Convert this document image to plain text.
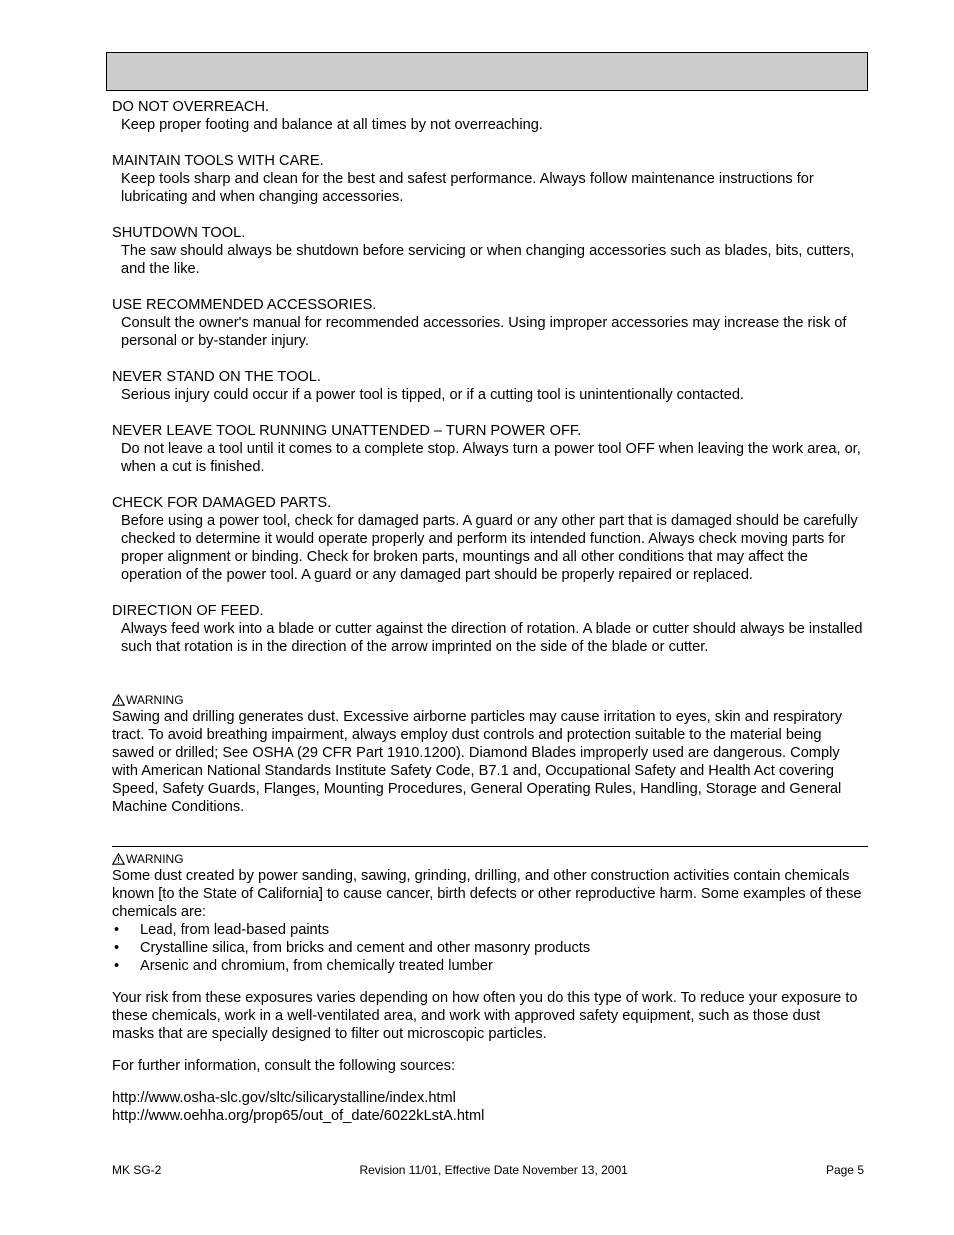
DO NOT OVERREACH.
Keep proper footing and balance at all times by not overreaching.
MAINTAIN TOOLS WITH CARE.
Keep tools sharp and clean for the best and safest performance. Always follow maintenance instructions for lubricating and when changing accessories.
SHUTDOWN TOOL.
The saw should always be shutdown before servicing or when changing accessories such as blades, bits, cutters, and the like.
USE RECOMMENDED ACCESSORIES.
Consult the owner's manual for recommended accessories. Using improper accessories may increase the risk of personal or by-stander injury.
NEVER STAND ON THE TOOL.
Serious injury could occur if a power tool is tipped, or if a cutting tool is unintentionally contacted.
NEVER LEAVE TOOL RUNNING UNATTENDED – TURN POWER OFF.
Do not leave a tool until it comes to a complete stop. Always turn a power tool OFF when leaving the work area, or, when a cut is finished.
CHECK FOR DAMAGED PARTS.
Before using a power tool, check for damaged parts. A guard or any other part that is damaged should be carefully checked to determine it would operate properly and perform its intended function. Always check moving parts for proper alignment or binding. Check for broken parts, mountings and all other conditions that may affect the operation of the power tool. A guard or any damaged part should be properly repaired or replaced.
DIRECTION OF FEED.
Always feed work into a blade or cutter against the direction of rotation. A blade or cutter should always be installed such that rotation is in the direction of the arrow imprinted on the side of the blade or cutter.
WARNING
Sawing and drilling generates dust. Excessive airborne particles may cause irritation to eyes, skin and respiratory tract. To avoid breathing impairment, always employ dust controls and protection suitable to the material being sawed or drilled; See OSHA (29 CFR Part 1910.1200). Diamond Blades improperly used are dangerous. Comply with American National Standards Institute Safety Code, B7.1 and, Occupational Safety and Health Act covering Speed, Safety Guards, Flanges, Mounting Procedures, General Operating Rules, Handling, Storage and General Machine Conditions.
WARNING
Some dust created by power sanding, sawing, grinding, drilling, and other construction activities contain chemicals known [to the State of California] to cause cancer, birth defects or other reproductive harm. Some examples of these chemicals are:
• Lead, from lead-based paints
• Crystalline silica, from bricks and cement and other masonry products
• Arsenic and chromium, from chemically treated lumber
Your risk from these exposures varies depending on how often you do this type of work. To reduce your exposure to these chemicals, work in a well-ventilated area, and work with approved safety equipment, such as those dust masks that are specially designed to filter out microscopic particles.
For further information, consult the following sources:
http://www.osha-slc.gov/sltc/silicarystalline/index.html
http://www.oehha.org/prop65/out_of_date/6022kLstA.html
MK SG-2	Revision 11/01, Effective Date November 13, 2001	Page 5
